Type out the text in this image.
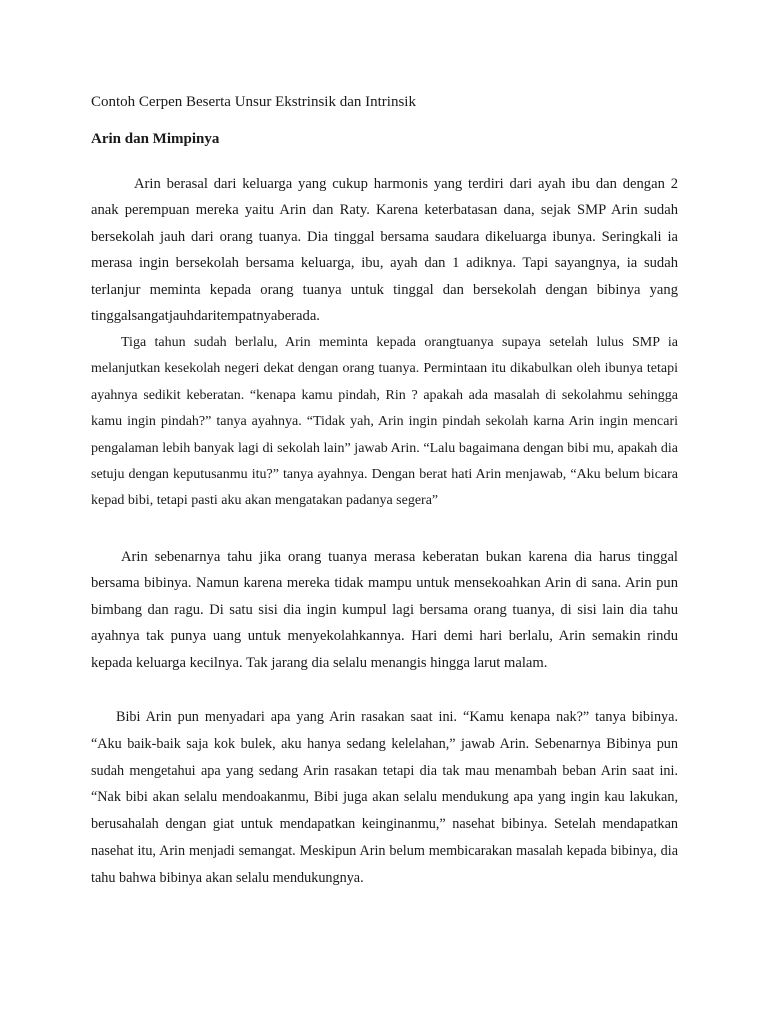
Contoh Cerpen Beserta Unsur Ekstrinsik dan Intrinsik
Arin dan Mimpinya

Arin berasal dari keluarga yang cukup harmonis yang terdiri dari ayah ibu dan dengan 2 anak perempuan mereka yaitu Arin dan Raty. Karena keterbatasan dana, sejak SMP Arin sudah bersekolah jauh dari orang tuanya. Dia tinggal bersama saudara dikeluarga ibunya. Seringkali ia merasa ingin bersekolah bersama keluarga, ibu, ayah dan 1 adiknya. Tapi sayangnya, ia sudah terlanjur meminta kepada orang tuanya untuk tinggal dan bersekolah dengan bibinya yang tinggalsangatjauhdaritempatnyaberada.

Tiga tahun sudah berlalu, Arin meminta kepada orangtuanya supaya setelah lulus SMP ia melanjutkan kesekolah negeri dekat dengan orang tuanya. Permintaan itu dikabulkan oleh ibunya tetapi ayahnya sedikit keberatan. “kenapa kamu pindah, Rin ? apakah ada masalah di sekolahmu sehingga kamu ingin pindah?” tanya ayahnya. “Tidak yah, Arin ingin pindah sekolah karna Arin ingin mencari pengalaman lebih banyak lagi di sekolah lain” jawab Arin. “Lalu bagaimana dengan bibi mu, apakah dia setuju dengan keputusanmu itu?” tanya ayahnya. Dengan berat hati Arin menjawab, “Aku belum bicara kepad bibi, tetapi pasti aku akan mengatakan padanya segera”

Arin sebenarnya tahu jika orang tuanya merasa keberatan bukan karena dia harus tinggal bersama bibinya. Namun karena mereka tidak mampu untuk mensekoahkan Arin di sana. Arin pun bimbang dan ragu. Di satu sisi dia ingin kumpul lagi bersama orang tuanya, di sisi lain dia tahu ayahnya tak punya uang untuk menyekolahkannya. Hari demi hari berlalu, Arin semakin rindu kepada keluarga kecilnya. Tak jarang dia selalu menangis hingga larut malam.

Bibi Arin pun menyadari apa yang Arin rasakan saat ini. “Kamu kenapa nak?” tanya bibinya. “Aku baik-baik saja kok bulek, aku hanya sedang kelelahan,” jawab Arin. Sebenarnya Bibinya pun sudah mengetahui apa yang sedang Arin rasakan tetapi dia tak mau menambah beban Arin saat ini. “Nak bibi akan selalu mendoakanmu, Bibi juga akan selalu mendukung apa yang ingin kau lakukan, berusahalah dengan giat untuk mendapatkan keinginanmu,” nasehat bibinya. Setelah mendapatkan nasehat itu, Arin menjadi semangat. Meskipun Arin belum membicarakan masalah kepada bibinya, dia tahu bahwa bibinya akan selalu mendukungnya.
